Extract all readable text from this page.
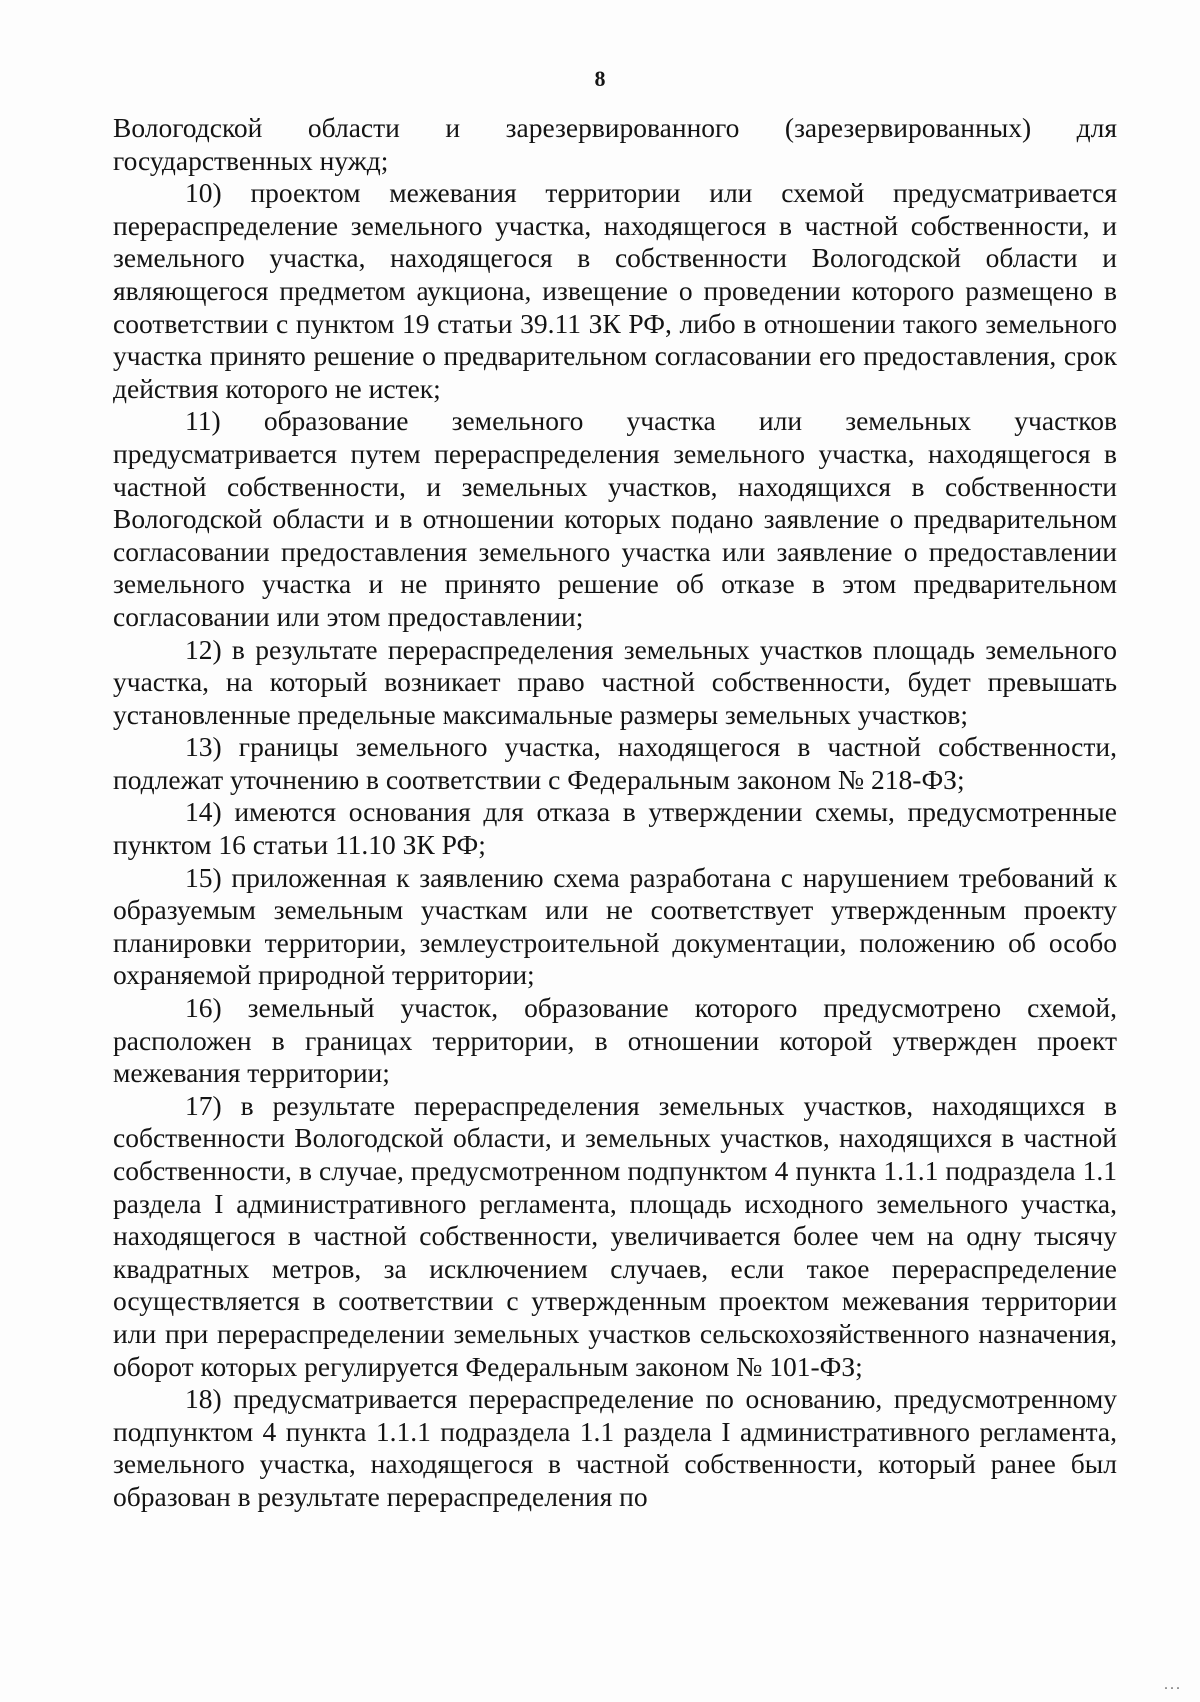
8

Вологодской области и зарезервированного (зарезервированных) для государственных нужд;

10) проектом межевания территории или схемой предусматривается перераспределение земельного участка, находящегося в частной собственности, и земельного участка, находящегося в собственности Вологодской области и являющегося предметом аукциона, извещение о проведении которого размещено в соответствии с пунктом 19 статьи 39.11 ЗК РФ, либо в отношении такого земельного участка принято решение о предварительном согласовании его предоставления, срок действия которого не истек;

11) образование земельного участка или земельных участков предусматривается путем перераспределения земельного участка, находящегося в частной собственности, и земельных участков, находящихся в собственности Вологодской области и в отношении которых подано заявление о предварительном согласовании предоставления земельного участка или заявление о предоставлении земельного участка и не принято решение об отказе в этом предварительном согласовании или этом предоставлении;

12) в результате перераспределения земельных участков площадь земельного участка, на который возникает право частной собственности, будет превышать установленные предельные максимальные размеры земельных участков;

13) границы земельного участка, находящегося в частной собственности, подлежат уточнению в соответствии с Федеральным законом № 218-ФЗ;

14) имеются основания для отказа в утверждении схемы, предусмотренные пунктом 16 статьи 11.10 ЗК РФ;

15) приложенная к заявлению схема разработана с нарушением требований к образуемым земельным участкам или не соответствует утвержденным проекту планировки территории, землеустроительной документации, положению об особо охраняемой природной территории;

16) земельный участок, образование которого предусмотрено схемой, расположен в границах территории, в отношении которой утвержден проект межевания территории;

17) в результате перераспределения земельных участков, находящихся в собственности Вологодской области, и земельных участков, находящихся в частной собственности, в случае, предусмотренном подпунктом 4 пункта 1.1.1 подраздела 1.1 раздела I административного регламента, площадь исходного земельного участка, находящегося в частной собственности, увеличивается более чем на одну тысячу квадратных метров, за исключением случаев, если такое перераспределение осуществляется в соответствии с утвержденным проектом межевания территории или при перераспределении земельных участков сельскохозяйственного назначения, оборот которых регулируется Федеральным законом № 101-ФЗ;

18) предусматривается перераспределение по основанию, предусмотренному подпунктом 4 пункта 1.1.1 подраздела 1.1 раздела I административного регламента, земельного участка, находящегося в частной собственности, который ранее был образован в результате перераспределения по

...
